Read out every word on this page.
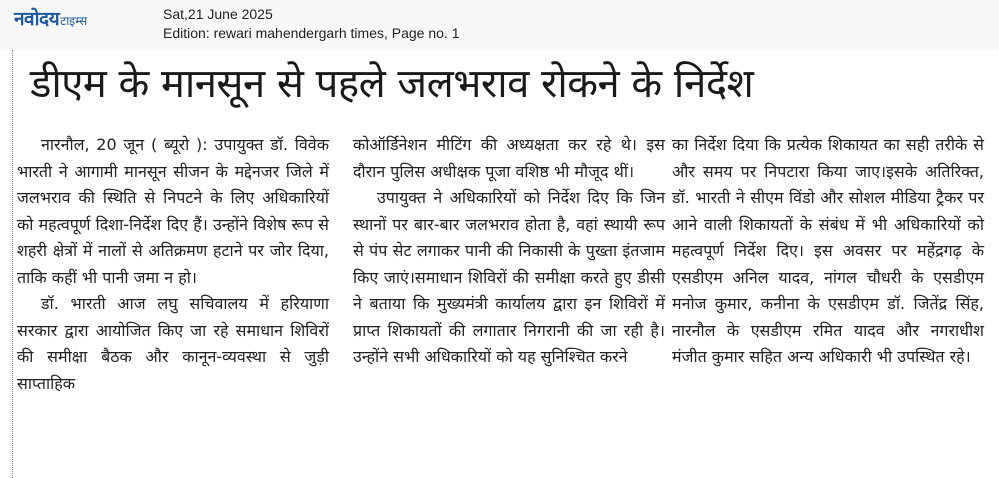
नवोदय टाइम्स	Sat,21 June 2025
Edition: rewari mahendergarh times, Page no. 1
डीएम के मानसून से पहले जलभराव रोकने के निर्देश

नारनौल, 20 जून ( ब्यूरो ): उपायुक्त डॉ. विवेक भारती ने आगामी मानसून सीजन के मद्देनजर जिले में जलभराव की स्थिति से निपटने के लिए अधिकारियों को महत्वपूर्ण दिशा-निर्देश दिए हैं। उन्होंने विशेष रूप से शहरी क्षेत्रों में नालों से अतिक्रमण हटाने पर जोर दिया, ताकि कहीं भी पानी जमा न हो।

डॉ. भारती आज लघु सचिवालय में हरियाणा सरकार द्वारा आयोजित किए जा रहे समाधान शिविरों की समीक्षा बैठक और कानून-व्यवस्था से जुड़ी साप्ताहिक

कोऑर्डिनेशन मीटिंग की अध्यक्षता कर रहे थे। इस दौरान पुलिस अधीक्षक पूजा वशिष्ठ भी मौजूद थीं।

उपायुक्त ने अधिकारियों को निर्देश दिए कि जिन स्थानों पर बार-बार जलभराव होता है, वहां स्थायी रूप से पंप सेट लगाकर पानी की निकासी के पुख्ता इंतजाम किए जाएं।समाधान शिविरों की समीक्षा करते हुए डीसी ने बताया कि मुख्यमंत्री कार्यालय द्वारा इन शिविरों में प्राप्त शिकायतों की लगातार निगरानी की जा रही है। उन्होंने सभी अधिकारियों को यह सुनिश्चित करने

का निर्देश दिया कि प्रत्येक शिकायत का सही तरीके से और समय पर निपटारा किया जाए।इसके अतिरिक्त, डॉ. भारती ने सीएम विंडो और सोशल मीडिया ट्रैकर पर आने वाली शिकायतों के संबंध में भी अधिकारियों को महत्वपूर्ण निर्देश दिए। इस अवसर पर महेंद्रगढ़ के एसडीएम अनिल यादव, नांगल चौधरी के एसडीएम मनोज कुमार, कनीना के एसडीएम डॉ. जितेंद्र सिंह, नारनौल के एसडीएम रमित यादव और नगराधीश मंजीत कुमार सहित अन्य अधिकारी भी उपस्थित रहे।
